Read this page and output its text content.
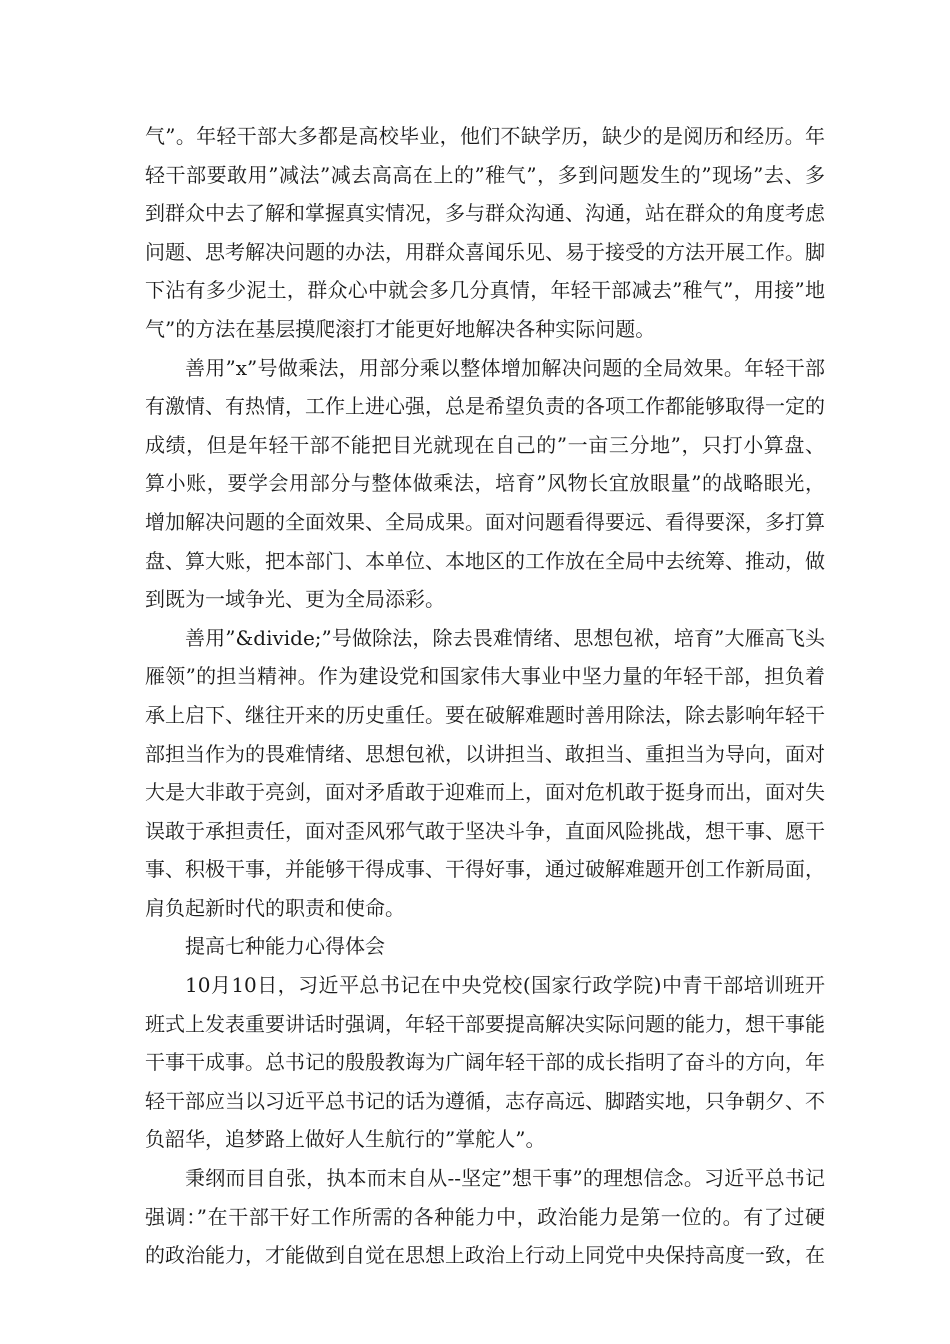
气”。年轻干部大多都是高校毕业，他们不缺学历，缺少的是阅历和经历。年轻干部要敢用”减法”减去高高在上的”稚气”，多到问题发生的”现场”去、多到群众中去了解和掌握真实情况，多与群众沟通、沟通，站在群众的角度考虑问题、思考解决问题的办法，用群众喜闻乐见、易于接受的方法开展工作。脚下沾有多少泥土，群众心中就会多几分真情，年轻干部减去”稚气”，用接”地气”的方法在基层摸爬滚打才能更好地解决各种实际问题。

善用”x”号做乘法，用部分乘以整体增加解决问题的全局效果。年轻干部有激情、有热情，工作上进心强，总是希望负责的各项工作都能够取得一定的成绩，但是年轻干部不能把目光就现在自己的”一亩三分地”，只打小算盘、算小账，要学会用部分与整体做乘法，培育”风物长宜放眼量”的战略眼光，增加解决问题的全面效果、全局成果。面对问题看得要远、看得要深，多打算盘、算大账，把本部门、本单位、本地区的工作放在全局中去统筹、推动，做到既为一域争光、更为全局添彩。

善用”&divide;”号做除法，除去畏难情绪、思想包袱，培育”大雁高飞头雁领”的担当精神。作为建设党和国家伟大事业中坚力量的年轻干部，担负着承上启下、继往开来的历史重任。要在破解难题时善用除法，除去影响年轻干部担当作为的畏难情绪、思想包袱，以讲担当、敢担当、重担当为导向，面对大是大非敢于亮剑，面对矛盾敢于迎难而上，面对危机敢于挺身而出，面对失误敢于承担责任，面对歪风邪气敢于坚决斗争，直面风险挑战，想干事、愿干事、积极干事，并能够干得成事、干得好事，通过破解难题开创工作新局面，肩负起新时代的职责和使命。

提高七种能力心得体会

10月10日，习近平总书记在中央党校(国家行政学院)中青干部培训班开班式上发表重要讲话时强调，年轻干部要提高解决实际问题的能力，想干事能干事干成事。总书记的殷殷教诲为广阔年轻干部的成长指明了奋斗的方向，年轻干部应当以习近平总书记的话为遵循，志存高远、脚踏实地，只争朝夕、不负韶华，追梦路上做好人生航行的”掌舵人”。

秉纲而目自张，执本而末自从--坚定”想干事”的理想信念。习近平总书记强调：”在干部干好工作所需的各种能力中，政治能力是第一位的。有了过硬的政治能力，才能做到自觉在思想上政治上行动上同党中央保持高度一致，在
